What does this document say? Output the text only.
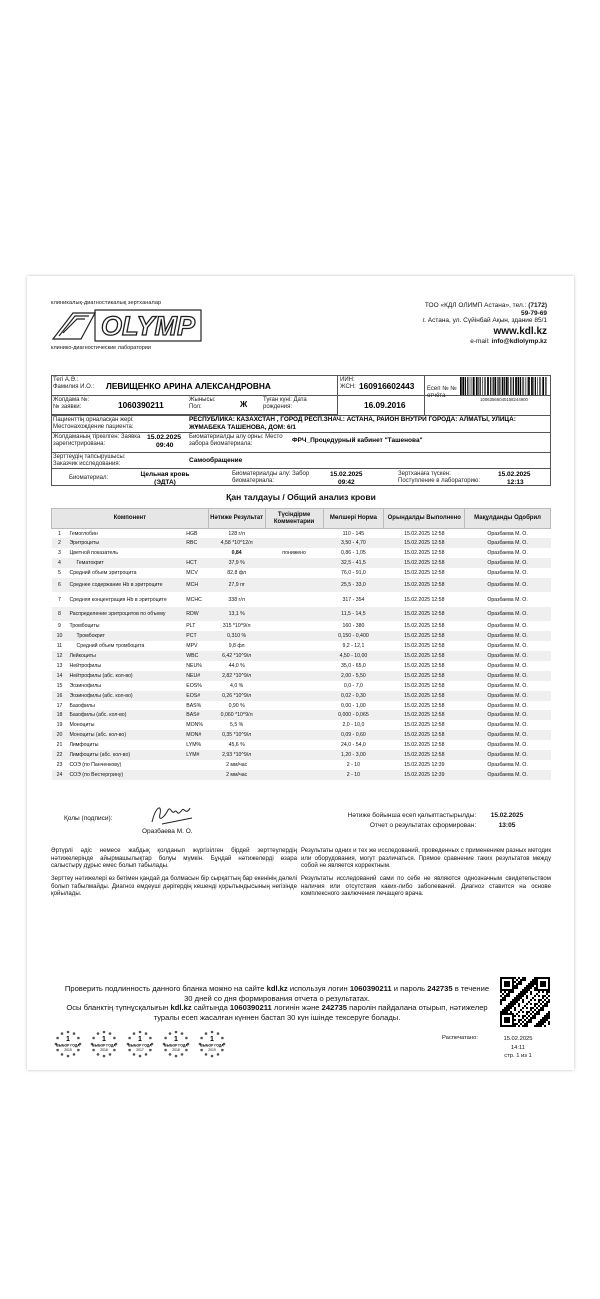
клиникалық-диагностикалық зертханалар
OLYMP
клинико-диагностические лаборатории
ТОО «КДЛ ОЛИМП Астана», тел.: (7172)
59-79-69
г. Астана, ул. Сүйінбай Ақын, здание 85/1
www.kdl.kz
e-mail: info@kdlolymp.kz
Тегі А.Ә.: Фамилия И.О.:	ЛЕВИЩЕНКО АРИНА АЛЕКСАНДРОВНА
ИИН: ЖСН: 160916602443 Есеп № № отчёта
10063566040158244900
Жолдама №: № заявки:	1060390211	Жынысы: Пол:	Ж	Туған күні: Дата рождения:	16.09.2016
Пациенттің орналасқан жері: Местонахождение пациента:
РЕСПУБЛИКА: КАЗАХСТАН , ГОРОД РЕСП.ЗНАЧ.: АСТАНА, РАЙОН ВНУТРИ ГОРОДА: АЛМАТЫ, УЛИЦА: ЖҰМАБЕКА ТАШЕНОВА, ДОМ: 6/1
Жолдаманың тіркелген: Заявка зарегистрирована:
15.02.2025
09:40
Биоматериалды алу орны: Место забора биоматериала:	ФРЧ_Процедурный кабинет "Ташенова"
Зерттеудің тапсырушысы: Заказчик исследования:	Самообращение
Биоматериал:	Цельная кровь (ЭДТА)
Биоматериалды алу: Забор биоматериала:
15.02.2025
09:42
Зертханаға түскен: Поступление в лабораторию:
15.02.2025
12:13
Қан талдауы / Общий анализ крови
Компонент			Нәтиже Результат	Түсіндірме Комментарии	Мөлшері Норма	Орындалды Выполнено	Мақұлданды Одобрил
1	Гемоглобин	HGB	128 г/л		110 - 145	15.02.2025 12:58	Оразбаева М. О.
2	Эритроциты	RBC	4,58 *10^12/л		3,50 - 4,70	15.02.2025 12:58	Оразбаева М. О.
3	Цветной показатель		0,84	понижено	0,86 - 1,05	15.02.2025 12:58	Оразбаева М. О.
4	Гематокрит	HCT	37,9 %		32,5 - 41,5	15.02.2025 12:58	Оразбаева М. О.
5	Средний объем эритроцита	MCV	82,8 фл		76,0 - 91,0	15.02.2025 12:58	Оразбаева М. О.
6	Среднее содержание Hb в эритроците	MCH	27,9 пг		25,5 - 33,0	15.02.2025 12:58	Оразбаева М. О.
7	Средняя концентрация Hb в эритроците	MCHC	338 г/л		317 - 354	15.02.2025 12:58	Оразбаева М. О.
8	Распределение эритроцитов по объему	RDW	13,1 %		11,5 - 14,5	15.02.2025 12:58	Оразбаева М. О.
9	Тромбоциты	PLT	315 *10^9/л		160 - 380	15.02.2025 12:58	Оразбаева М. О.
10	Тромбокрит	PCT	0,310 %		0,150 - 0,400	15.02.2025 12:58	Оразбаева М. О.
11	Средний объем тромбоцита	MPV	9,8 фл		9,2 - 12,1	15.02.2025 12:58	Оразбаева М. О.
12	Лейкоциты	WBC	6,42 *10^9/л		4,50 - 10,00	15.02.2025 12:58	Оразбаева М. О.
13	Нейтрофилы	NEU%	44,0 %		35,0 - 65,0	15.02.2025 12:58	Оразбаева М. О.
14	Нейтрофилы (абс. кол-во)	NEU#	2,82 *10^9/л		2,00 - 5,50	15.02.2025 12:58	Оразбаева М. О.
15	Эозинофилы	EOS%	4,0 %		0,0 - 7,0	15.02.2025 12:58	Оразбаева М. О.
16	Эозинофилы (абс. кол-во)	EOS#	0,26 *10^9/л		0,02 - 0,30	15.02.2025 12:58	Оразбаева М. О.
17	Базофилы	BAS%	0,90 %		0,00 - 1,00	15.02.2025 12:58	Оразбаева М. О.
18	Базофилы (абс. кол-во)	BAS#	0,060 *10^9/л		0,000 - 0,065	15.02.2025 12:58	Оразбаева М. О.
19	Моноциты	MON%	5,5 %		2,0 - 10,0	15.02.2025 12:58	Оразбаева М. О.
20	Моноциты (абс. кол-во)	MON#	0,35 *10^9/л		0,09 - 0,60	15.02.2025 12:58	Оразбаева М. О.
21	Лимфоциты	LYM%	45,6 %		24,0 - 54,0	15.02.2025 12:58	Оразбаева М. О.
22	Лимфоциты (абс. кол-во)	LYM#	2,93 *10^9/л		1,20 - 3,00	15.02.2025 12:58	Оразбаева М. О.
23	СОЭ (по Панченкову)		2 мм/час		2 - 10	15.02.2025 12:39	Оразбаева М. О.
24	СОЭ (по Вестергрину)		2 мм/час		2 - 10	15.02.2025 12:39	Оразбаева М. О.
Қолы (подписи):
Оразбаева М. О.
Нәтиже бойынша есеп қалыптастырылды: 15.02.2025
Отчет о результатах сформирован:	13:05
Әртүрлі әдіс немесе жабдық қолданып жүргізілген бірдей зерттеулердің нәтижелерінде айырмашылықтар болуы мүмкін. Бұндай нәтижелерді өзара салыстыру дұрыс емес болып табылады.
Зерттеу нәтижелері өз бетімен қандай да болмасын бір сырқаттың бар екенінің дәлелі болып табылмайды. Диагноз емдеуші дәрігердің кешенді қорытындысының негізінде қойылады.
Результаты одних и тех же исследований, проведенных с применением разных методик или оборудования, могут различаться. Прямое сравнение таких результатов между собой не является корректным.
Результаты исследований сами по себе не являются однозначным свидетельством наличия или отсутствия каких-либо заболеваний. Диагноз ставится на основе комплексного заключения лечащего врача.
Проверить подлинность данного бланка можно на сайте kdl.kz используя логин 1060390211 и пароль 242735 в течение 30 дней со дня формирования отчета о результатах.
Осы бланктің түпнұсқалығын kdl.kz сайтында 1060390211 логинін және 242735 паролін пайдалана отырып, нәтижелер туралы есеп жасалған күннен бастап 30 күн ішінде тексеруге болады.
1
ВЫБОР ГОДА
2015
1
ВЫБОР ГОДА
2016
1
ВЫБОР ГОДА
2017
1
ВЫБОР ГОДА
2018
1
ВЫБОР ГОДА
2019
Распечатано:	15.02.2025
14:11
стр. 1 из 1
